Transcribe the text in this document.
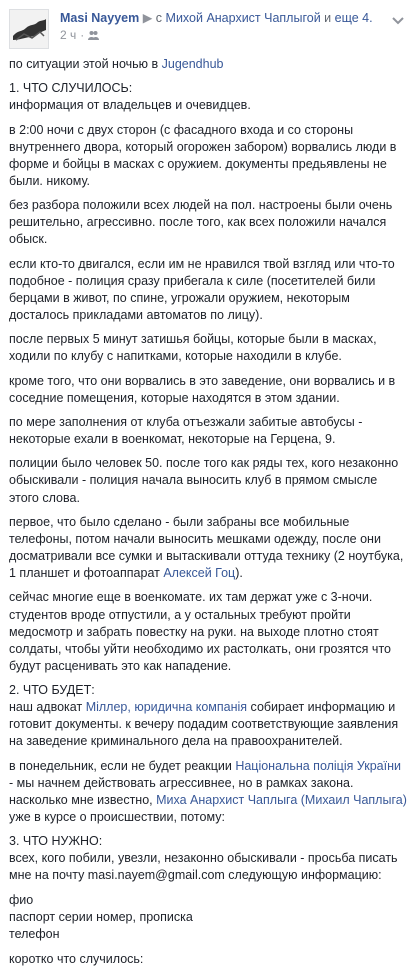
Masi Nayyem ▶ с Михой Анархист Чаплыгой и еще 4.
2 ч ·

по ситуации этой ночью в Jugendhub

1. ЧТО СЛУЧИЛОСЬ:

информация от владельцев и очевидцев.

в 2:00 ночи с двух сторон (с фасадного входа и со стороны внутреннего двора, который огорожен забором) ворвались люди в форме и бойцы в масках с оружием. документы предьявлены не были. никому.

без разбора положили всех людей на пол. настроены были очень решительно, агрессивно. после того, как всех положили начался обыск.

если кто-то двигался, если им не нравился твой взгляд или что-то подобное - полиция сразу прибегала к силе (посетителей били берцами в живот, по спине, угрожали оружием, некоторым досталось прикладами автоматов по лицу).

после первых 5 минут затишья бойцы, которые были в масках, ходили по клубу с напитками, которые находили в клубе.

кроме того, что они ворвались в это заведение, они ворвались и в соседние помещения, которые находятся в этом здании.

по мере заполнения от клуба отъезжали забитые автобусы - некоторые ехали в военкомат, некоторые на Герцена, 9.

полиции было человек 50. после того как ряды тех, кого незаконно обыскивали - полиция начала выносить клуб в прямом смысле этого слова.

первое, что было сделано - были забраны все мобильные телефоны, потом начали выносить мешками одежду, после они досматривали все сумки и вытаскивали оттуда технику (2 ноутбука, 1 планшет и фотоаппарат Алексей Гоц).

сейчас многие еще в военкомате. их там держат уже с 3-ночи. студентов вроде отпустили, а у остальных требуют пройти медосмотр и забрать повестку на руки. на выходе плотно стоят солдаты, чтобы уйти необходимо их растолкать, они грозятся что будут расценивать это как нападение.

2. ЧТО БУДЕТ:

наш адвокат Міллер, юридична компанія собирает информацию и готовит документы. к вечеру подадим соответствующие заявления на заведение криминального дела на правоохранителей.

в понедельник, если не будет реакции Національна поліція України - мы начнем действовать агрессивнее, но в рамках закона. насколько мне известно, Миха Анархист Чаплыга (Михаил Чаплыга) уже в курсе о происшествии, потому:

3. ЧТО НУЖНО:

всех, кого побили, увезли, незаконно обыскивали - просьба писать мне на почту masi.nayem@gmail.com следующую информацию:

фио

паспорт серии номер, прописка

телефон

коротко что случилось:
